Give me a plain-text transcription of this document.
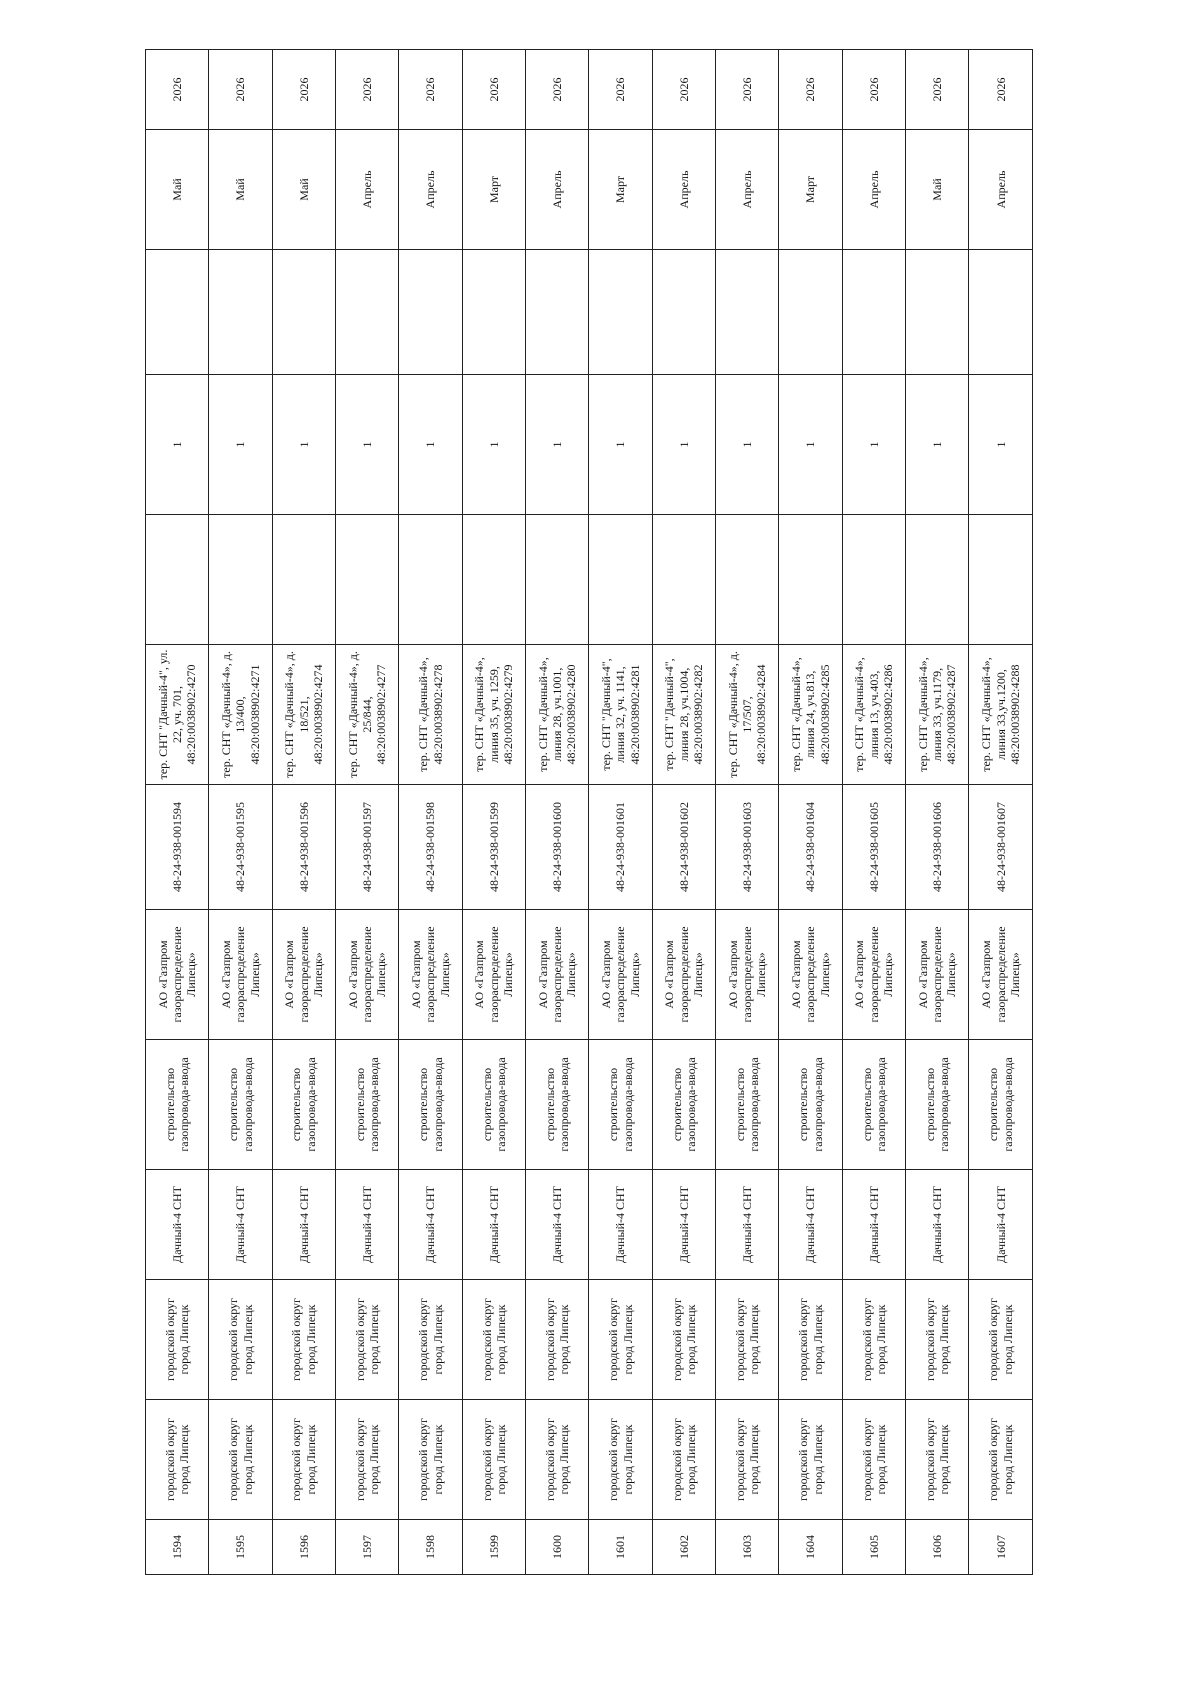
1594	городской округ город Липецк	городской округ город Липецк	Дачный-4 СНТ	строительство газопровода-ввода	АО «Газпром газораспределение Липецк»	48-24-938-001594	тер. СНТ "Дачный-4", ул. 22, уч. 701, 48:20:0038902:4270		1		Май	2026
1595	городской округ город Липецк	городской округ город Липецк	Дачный-4 СНТ	строительство газопровода-ввода	АО «Газпром газораспределение Липецк»	48-24-938-001595	тер. СНТ «Дачный-4», д. 13/400, 48:20:0038902:4271		1		Май	2026
1596	городской округ город Липецк	городской округ город Липецк	Дачный-4 СНТ	строительство газопровода-ввода	АО «Газпром газораспределение Липецк»	48-24-938-001596	тер. СНТ «Дачный-4», д. 18/521, 48:20:0038902:4274		1		Май	2026
1597	городской округ город Липецк	городской округ город Липецк	Дачный-4 СНТ	строительство газопровода-ввода	АО «Газпром газораспределение Липецк»	48-24-938-001597	тер. СНТ «Дачный-4», д. 25/844, 48:20:0038902:4277		1		Апрель	2026
1598	городской округ город Липецк	городской округ город Липецк	Дачный-4 СНТ	строительство газопровода-ввода	АО «Газпром газораспределение Липецк»	48-24-938-001598	тер. СНТ «Дачный-4», 48:20:0038902:4278		1		Апрель	2026
1599	городской округ город Липецк	городской округ город Липецк	Дачный-4 СНТ	строительство газопровода-ввода	АО «Газпром газораспределение Липецк»	48-24-938-001599	тер. СНТ «Дачный-4», линия 35, уч. 1259, 48:20:0038902:4279		1		Март	2026
1600	городской округ город Липецк	городской округ город Липецк	Дачный-4 СНТ	строительство газопровода-ввода	АО «Газпром газораспределение Липецк»	48-24-938-001600	тер. СНТ «Дачный-4», линия 28, уч.1001, 48:20:0038902:4280		1		Апрель	2026
1601	городской округ город Липецк	городской округ город Липецк	Дачный-4 СНТ	строительство газопровода-ввода	АО «Газпром газораспределение Липецк»	48-24-938-001601	тер. СНТ "Дачный-4", линия 32, уч. 1141, 48:20:0038902:4281		1		Март	2026
1602	городской округ город Липецк	городской округ город Липецк	Дачный-4 СНТ	строительство газопровода-ввода	АО «Газпром газораспределение Липецк»	48-24-938-001602	тер. СНТ "Дачный-4", линия 28, уч.1004, 48:20:0038902:4282		1		Апрель	2026
1603	городской округ город Липецк	городской округ город Липецк	Дачный-4 СНТ	строительство газопровода-ввода	АО «Газпром газораспределение Липецк»	48-24-938-001603	тер. СНТ «Дачный-4», д. 17/507, 48:20:0038902:4284		1		Апрель	2026
1604	городской округ город Липецк	городской округ город Липецк	Дачный-4 СНТ	строительство газопровода-ввода	АО «Газпром газораспределение Липецк»	48-24-938-001604	тер. СНТ «Дачный-4», линия 24, уч.813, 48:20:0038902:4285		1		Март	2026
1605	городской округ город Липецк	городской округ город Липецк	Дачный-4 СНТ	строительство газопровода-ввода	АО «Газпром газораспределение Липецк»	48-24-938-001605	тер. СНТ «Дачный-4», линия 13, уч.403, 48:20:0038902:4286		1		Апрель	2026
1606	городской округ город Липецк	городской округ город Липецк	Дачный-4 СНТ	строительство газопровода-ввода	АО «Газпром газораспределение Липецк»	48-24-938-001606	тер. СНТ «Дачный-4», линия 33, уч.1179, 48:20:0038902:4287		1		Май	2026
1607	городской округ город Липецк	городской округ город Липецк	Дачный-4 СНТ	строительство газопровода-ввода	АО «Газпром газораспределение Липецк»	48-24-938-001607	тер. СНТ «Дачный-4», линия 33,уч.1200, 48:20:0038902:4288		1		Апрель	2026
